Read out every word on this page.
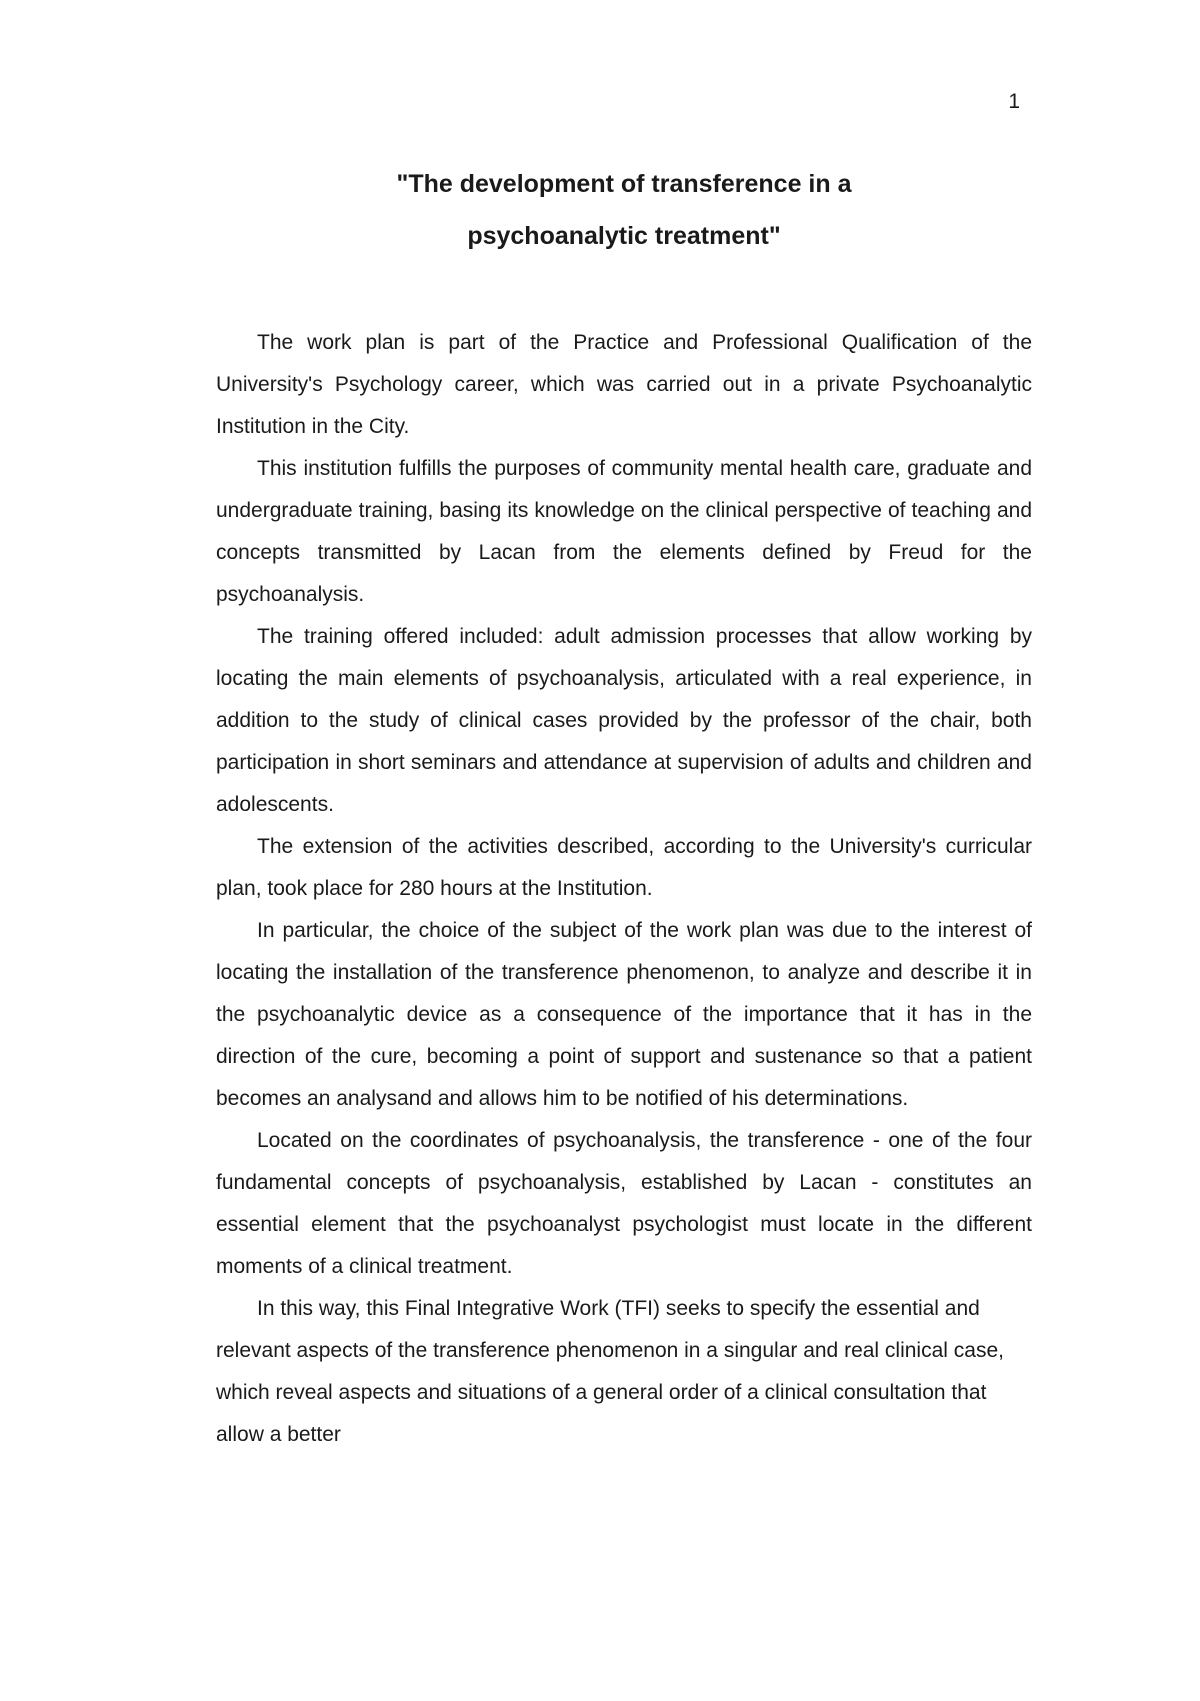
1
"The development of transference in a
psychoanalytic treatment"

The work plan is part of the Practice and Professional Qualification of the University's Psychology career, which was carried out in a private Psychoanalytic Institution in the City.

This institution fulfills the purposes of community mental health care, graduate and undergraduate training, basing its knowledge on the clinical perspective of teaching and concepts transmitted by Lacan from the elements defined by Freud for the psychoanalysis.

The training offered included: adult admission processes that allow working by locating the main elements of psychoanalysis, articulated with a real experience, in addition to the study of clinical cases provided by the professor of the chair, both participation in short seminars and attendance at supervision of adults and children and adolescents.

The extension of the activities described, according to the University's curricular plan, took place for 280 hours at the Institution.

In particular, the choice of the subject of the work plan was due to the interest of locating the installation of the transference phenomenon, to analyze and describe it in the psychoanalytic device as a consequence of the importance that it has in the direction of the cure, becoming a point of support and sustenance so that a patient becomes an analysand and allows him to be notified of his determinations.

Located on the coordinates of psychoanalysis, the transference - one of the four fundamental concepts of psychoanalysis, established by Lacan - constitutes an essential element that the psychoanalyst psychologist must locate in the different moments of a clinical treatment.

In this way, this Final Integrative Work (TFI) seeks to specify the essential and relevant aspects of the transference phenomenon in a singular and real clinical case, which reveal aspects and situations of a general order of a clinical consultation that allow a better
